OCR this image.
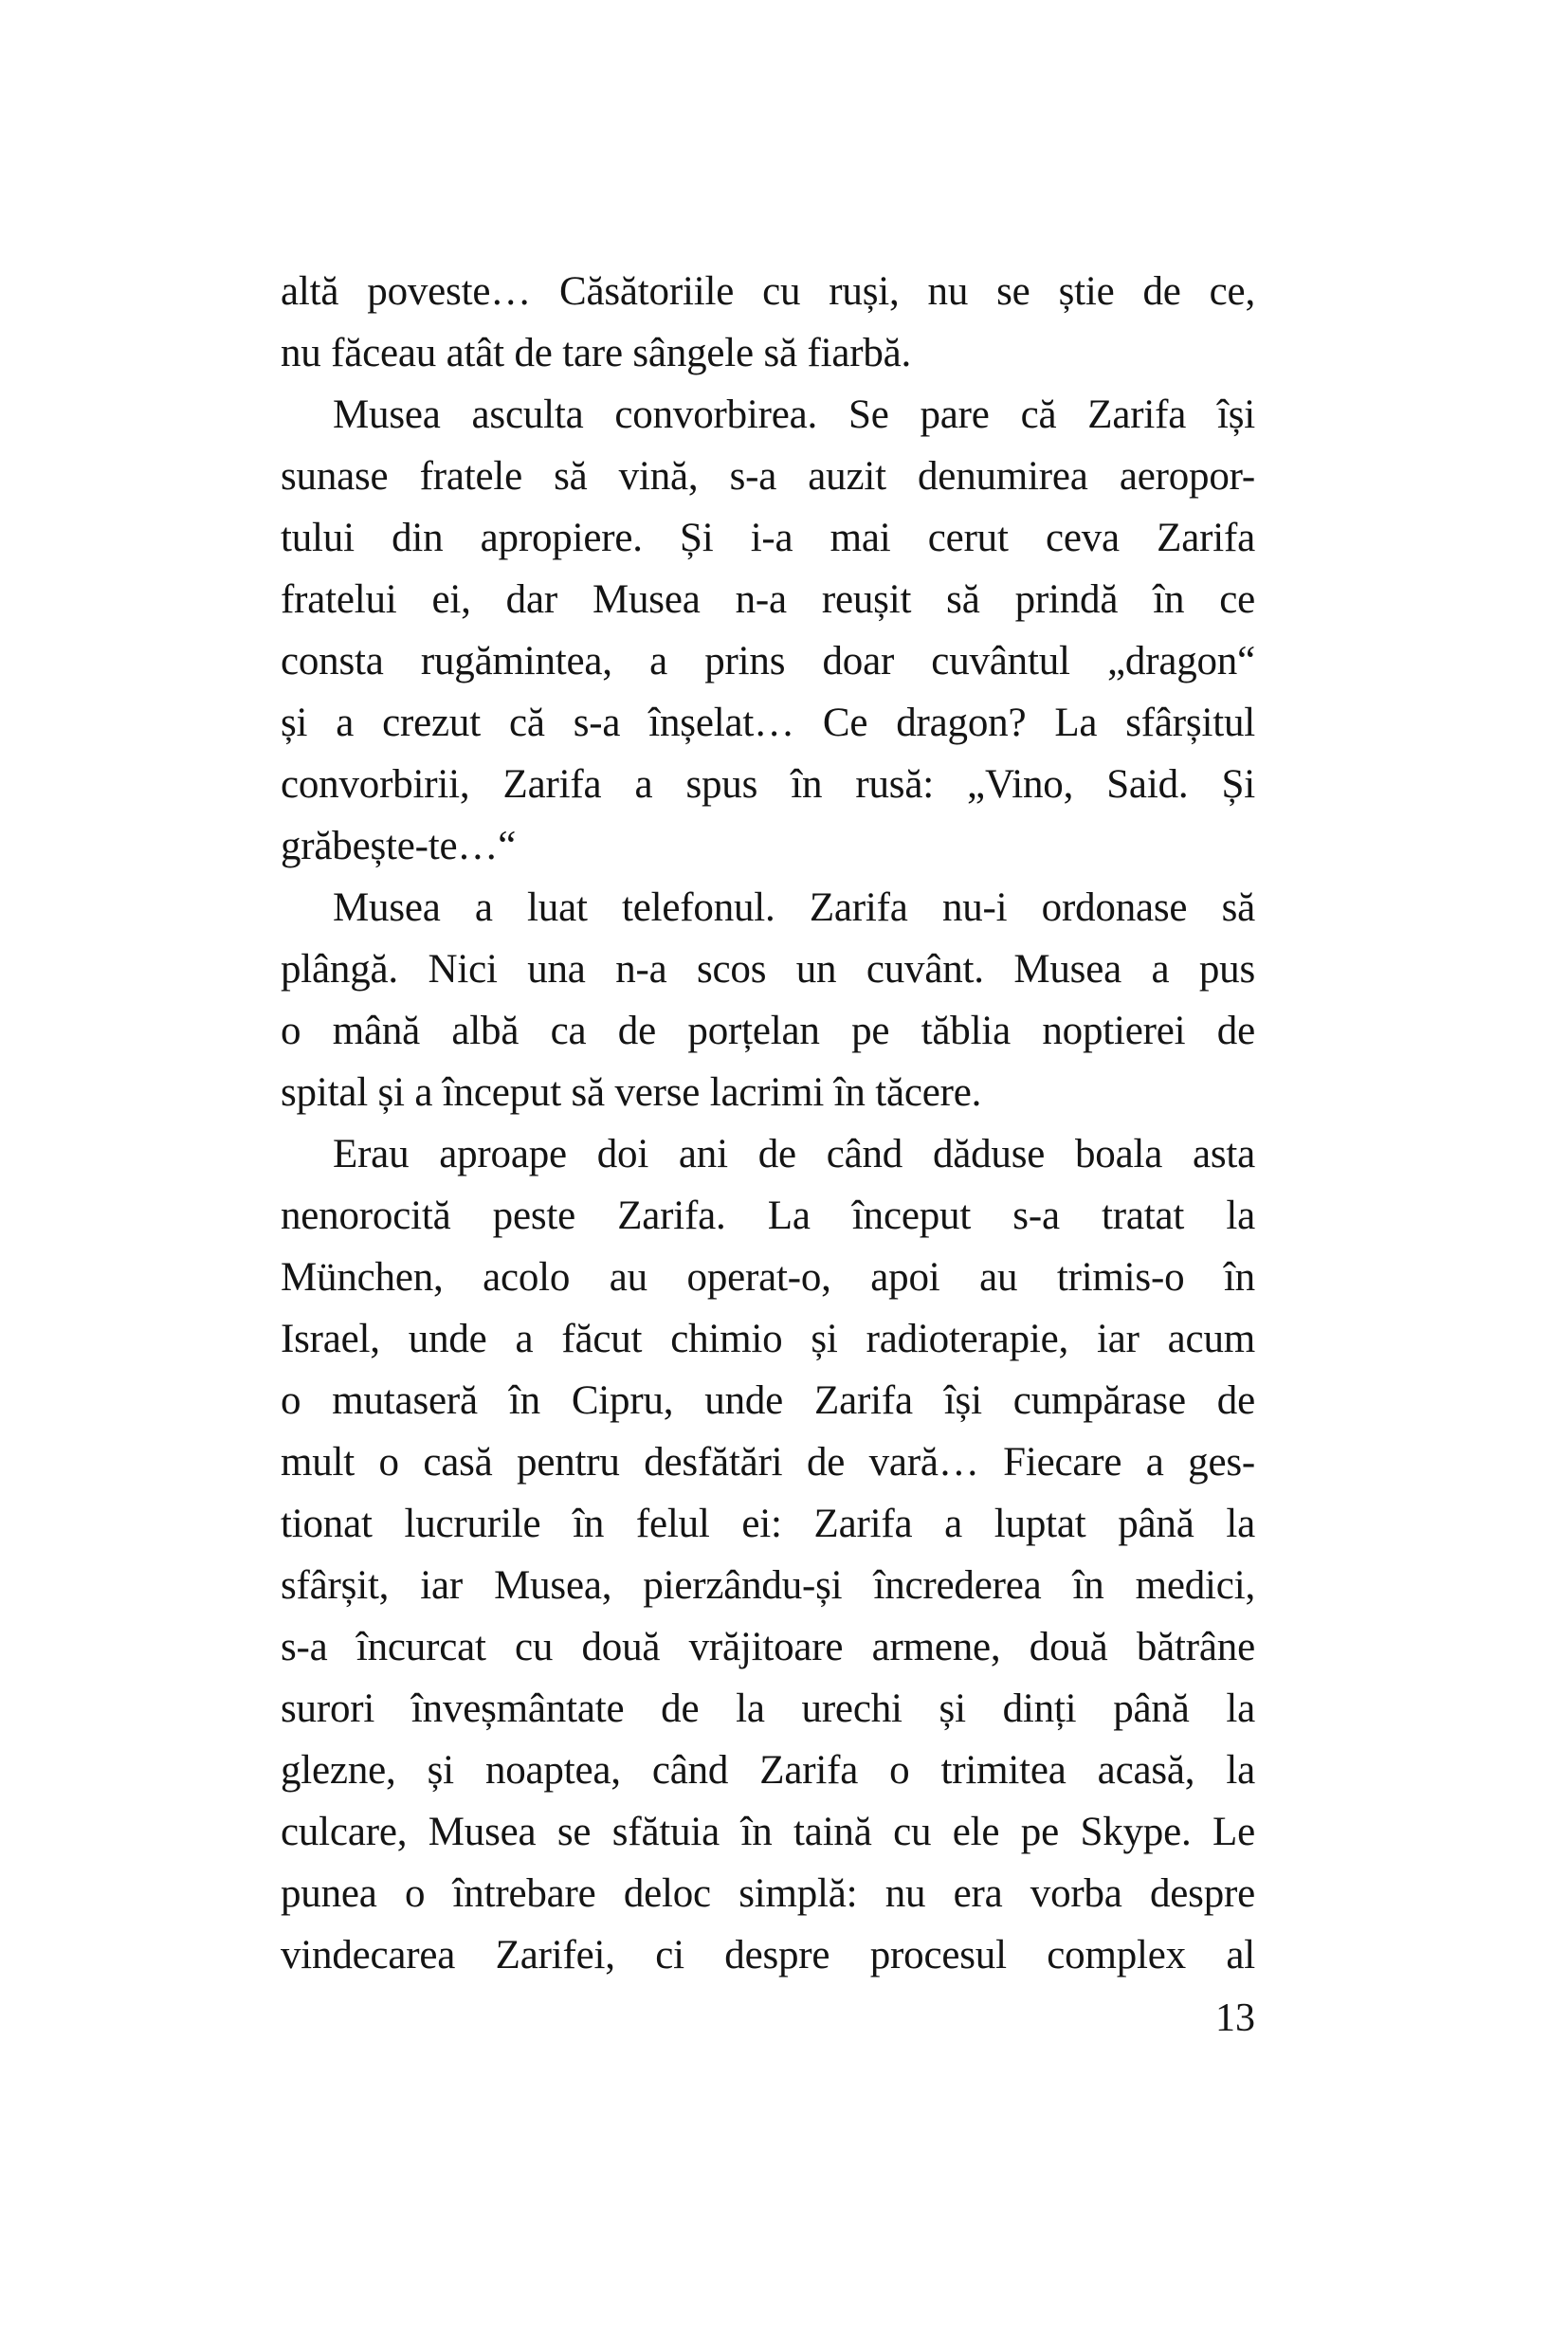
altă poveste… Căsătoriile cu ruși, nu se știe de ce,
nu făceau atât de tare sângele să fiarbă.
Musea asculta convorbirea. Se pare că Zarifa își
sunase fratele să vină, s-a auzit denumirea aeropor-
tului din apropiere. Și i-a mai cerut ceva Zarifa
fratelui ei, dar Musea n-a reușit să prindă în ce
consta rugămintea, a prins doar cuvântul „dragon“
și a crezut că s-a înșelat… Ce dragon? La sfârșitul
convorbirii, Zarifa a spus în rusă: „Vino, Said. Și
grăbește-te…“
Musea a luat telefonul. Zarifa nu-i ordonase să
plângă. Nici una n-a scos un cuvânt. Musea a pus
o mână albă ca de porțelan pe tăblia noptierei de
spital și a început să verse lacrimi în tăcere.
Erau aproape doi ani de când dăduse boala asta
nenorocită peste Zarifa. La început s-a tratat la
München, acolo au operat-o, apoi au trimis-o în
Israel, unde a făcut chimio și radioterapie, iar acum
o mutaseră în Cipru, unde Zarifa își cumpărase de
mult o casă pentru desfătări de vară… Fiecare a ges-
tionat lucrurile în felul ei: Zarifa a luptat până la
sfârșit, iar Musea, pierzându-și încrederea în medici,
s-a încurcat cu două vrăjitoare armene, două bătrâne
surori înveșmântate de la urechi și dinți până la
glezne, și noaptea, când Zarifa o trimitea acasă, la
culcare, Musea se sfătuia în taină cu ele pe Skype. Le
punea o întrebare deloc simplă: nu era vorba despre
vindecarea Zarifei, ci despre procesul complex al
13
